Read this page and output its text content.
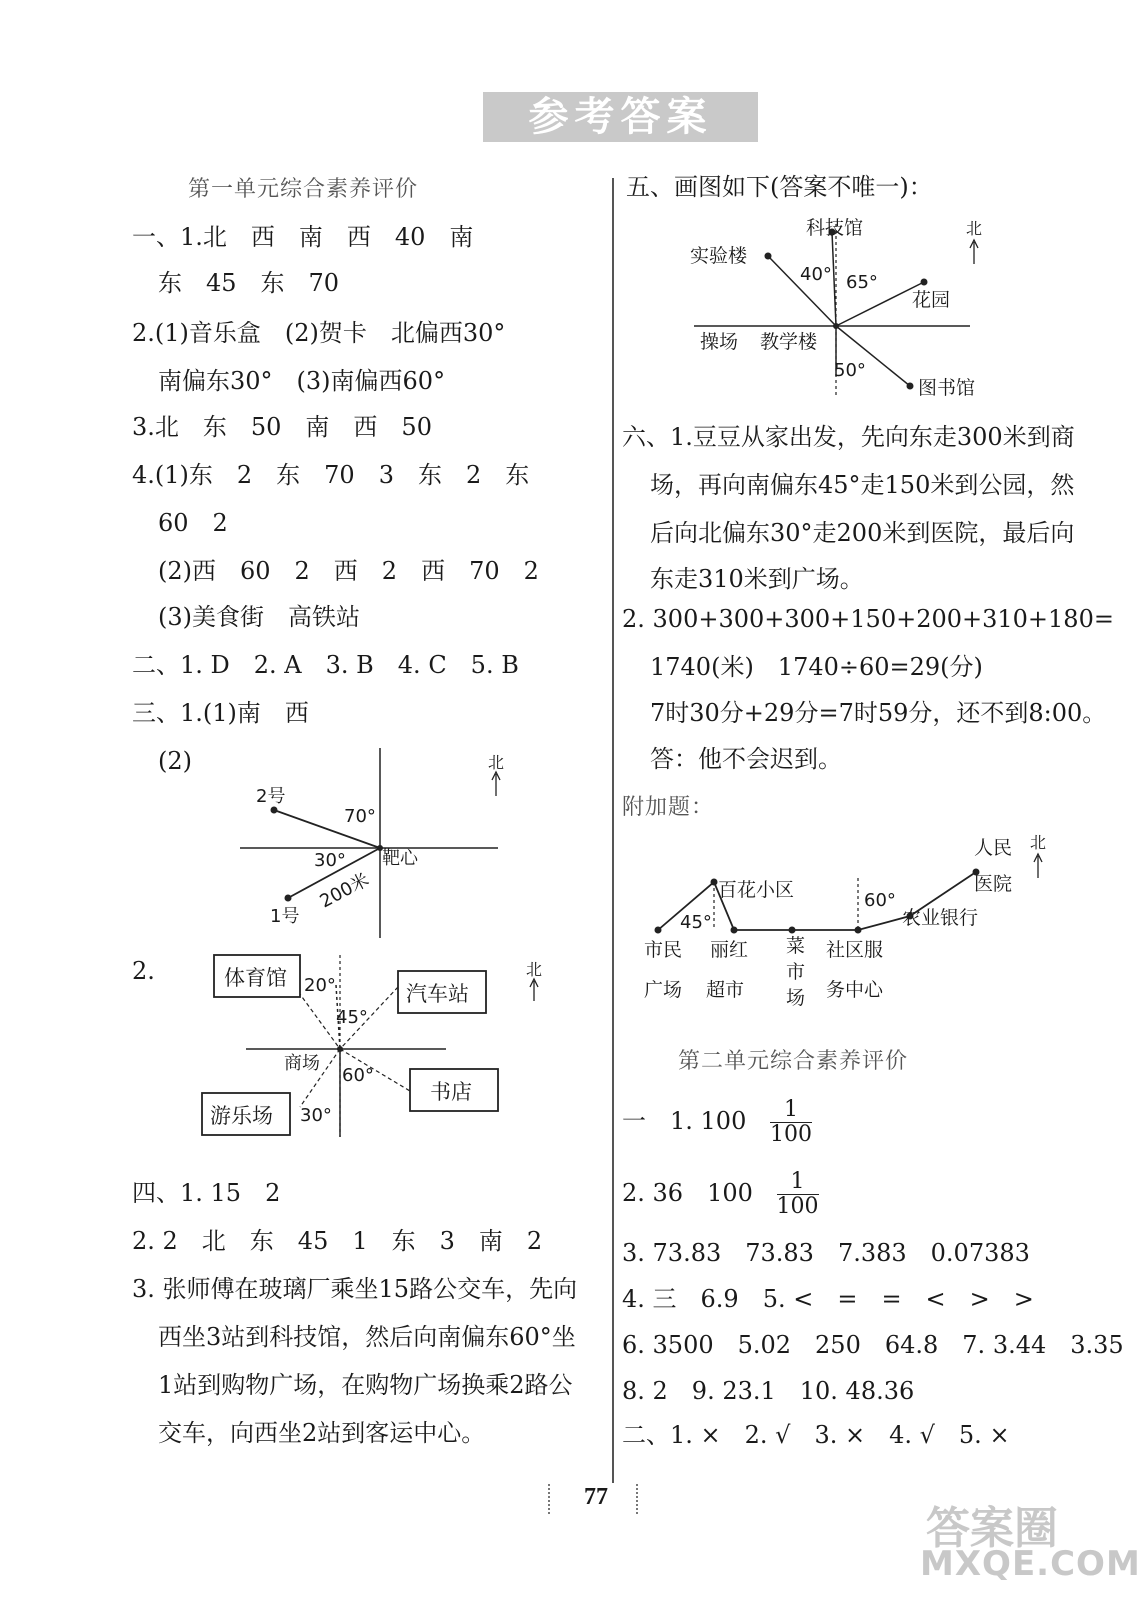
参考答案
第一单元综合素养评价
一、1.北　西　南　西　40　南
东　45　东　70
2.(1)音乐盒　(2)贺卡　北偏西30°
南偏东30°　(3)南偏西60°
3.北　东　50　南　西　50
4.(1)东　2　东　70　3　东　2　东
60　2
(2)西　60　2　西　2　西　70　2
(3)美食街　高铁站
二、1. D　2. A　3. B　4. C　5. B
三、1.(1)南　西
(2)
2号
70°
30° 靶心
200米
1号
北
2.	体育馆 20°
45°
汽车站
商场
60°
书店
游乐场 30°
北
四、1. 15　2
2. 2　北　东　45　1　东　3　南　2
3. 张师傅在玻璃厂乘坐15路公交车，先向
西坐3站到科技馆，然后向南偏东60°坐
1站到购物广场，在购物广场换乘2路公
交车，向西坐2站到客运中心。
五、画图如下(答案不唯一)：
科技馆
实验楼
40° 65°
花园
操场 教学楼
50°
图书馆
北
六、1.豆豆从家出发，先向东走300米到商
场，再向南偏东45°走150米到公园，然
后向北偏东30°走200米到医院，最后向
东走310米到广场。
2. 300+300+300+150+200+310+180=
1740(米)　1740÷60=29(分)
7时30分+29分=7时59分，还不到8:00。
答：他不会迟到。
附加题：
人民
医院
百花小区	60°
45°	农业银行
市民
广场
丽红
超市
菜
市
场
社区服
务中心
北
第二单元综合素养评价
一　1. $100 \frac{1}{100}$
2. 36　$100 \frac{1}{100}$
3. 73.83　73.83　7.383　0.07383
4. 三　6.9　5. <　=　=　<　>　>
6. 3500　5.02　250　64.8　7. 3.44　3.35
8. 2　9. 23.1　10. 48.36
二、1. ×　2. √　3. ×　4. √　5. ×
77
答案圈
MXQE.COM
